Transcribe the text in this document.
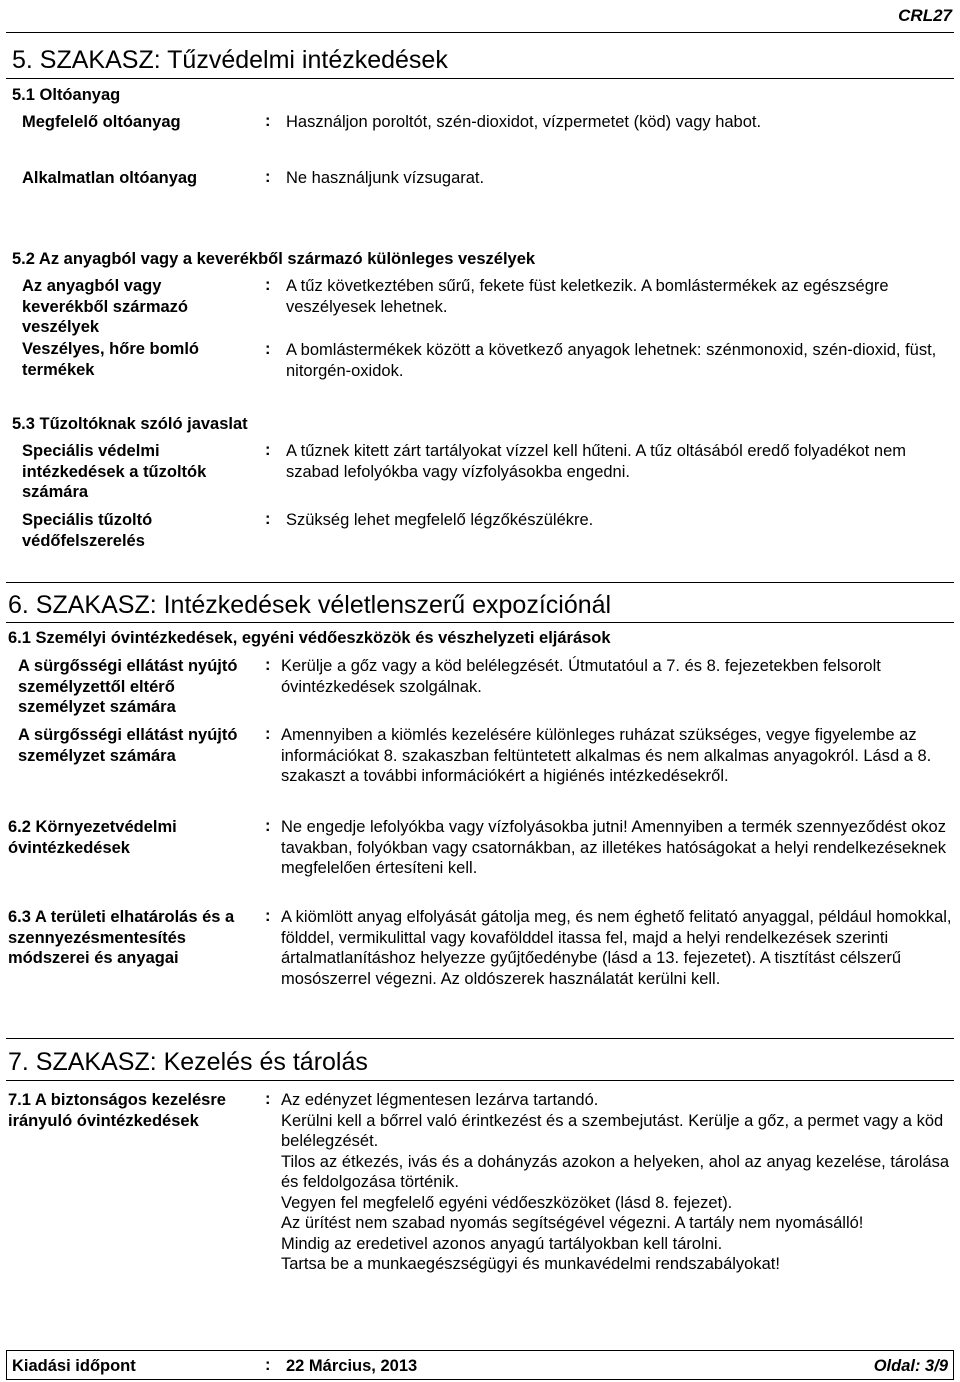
CRL27
5. SZAKASZ: Tűzvédelmi intézkedések
5.1 Oltóanyag
Megfelelő oltóanyag	: Használjon poroltót, szén-dioxidot, vízpermetet (köd) vagy habot.
Alkalmatlan oltóanyag	: Ne használjunk vízsugarat.
5.2 Az anyagból vagy a keverékből származó különleges veszélyek
Az anyagból vagy keverékből származó veszélyek
: A tűz következtében sűrű, fekete füst keletkezik. A bomlástermékek az egészségre veszélyesek lehetnek.
Veszélyes, hőre bomló termékek
: A bomlástermékek között a következő anyagok lehetnek: szénmonoxid, szén-dioxid, füst, nitorgén-oxidok.
5.3 Tűzoltóknak szóló javaslat
Speciális védelmi intézkedések a tűzoltók számára
: A tűznek kitett zárt tartályokat vízzel kell hűteni. A tűz oltásából eredő folyadékot nem szabad lefolyókba vagy vízfolyásokba engedni.
Speciális tűzoltó védőfelszerelés
: Szükség lehet megfelelő légzőkészülékre.
6. SZAKASZ: Intézkedések véletlenszerű expozíciónál
6.1 Személyi óvintézkedések, egyéni védőeszközök és vészhelyzeti eljárások
A sürgősségi ellátást nyújtó személyzettől eltérő személyzet számára
: Kerülje a gőz vagy a köd belélegzését. Útmutatóul a 7. és 8. fejezetekben felsorolt óvintézkedések szolgálnak.
A sürgősségi ellátást nyújtó személyzet számára
: Amennyiben a kiömlés kezelésére különleges ruházat szükséges, vegye figyelembe az információkat 8. szakaszban feltüntetett alkalmas és nem alkalmas anyagokról. Lásd a 8. szakaszt a további információkért a higiénés intézkedésekről.
6.2 Környezetvédelmi óvintézkedések
: Ne engedje lefolyókba vagy vízfolyásokba jutni! Amennyiben a termék szennyeződést okoz tavakban, folyókban vagy csatornákban, az illetékes hatóságokat a helyi rendelkezéseknek megfelelően értesíteni kell.
6.3 A területi elhatárolás és a szennyezésmentesítés módszerei és anyagai
: A kiömlött anyag elfolyását gátolja meg, és nem éghető felitató anyaggal, például homokkal, földdel, vermikulittal vagy kovafölddel itassa fel, majd a helyi rendelkezések szerinti ártalmatlanításhoz helyezze gyűjtőedénybe (lásd a 13. fejezetet). A tisztítást célszerű mosószerrel végezni. Az oldószerek használatát kerülni kell.
7. SZAKASZ: Kezelés és tárolás
7.1 A biztonságos kezelésre irányuló óvintézkedések
: Az edényzet légmentesen lezárva tartandó.
Kerülni kell a bőrrel való érintkezést és a szembejutást. Kerülje a gőz, a permet vagy a köd belélegzését.
Tilos az étkezés, ivás és a dohányzás azokon a helyeken, ahol az anyag kezelése, tárolása és feldolgozása történik.
Vegyen fel megfelelő egyéni védőeszközöket (lásd 8. fejezet).
Az ürítést nem szabad nyomás segítségével végezni. A tartály nem nyomásálló!
Mindig az eredetivel azonos anyagú tartályokban kell tárolni.
Tartsa be a munkaegészségügyi és munkavédelmi rendszabályokat!
Kiadási időpont	: 22 Március, 2013	Oldal: 3/9
